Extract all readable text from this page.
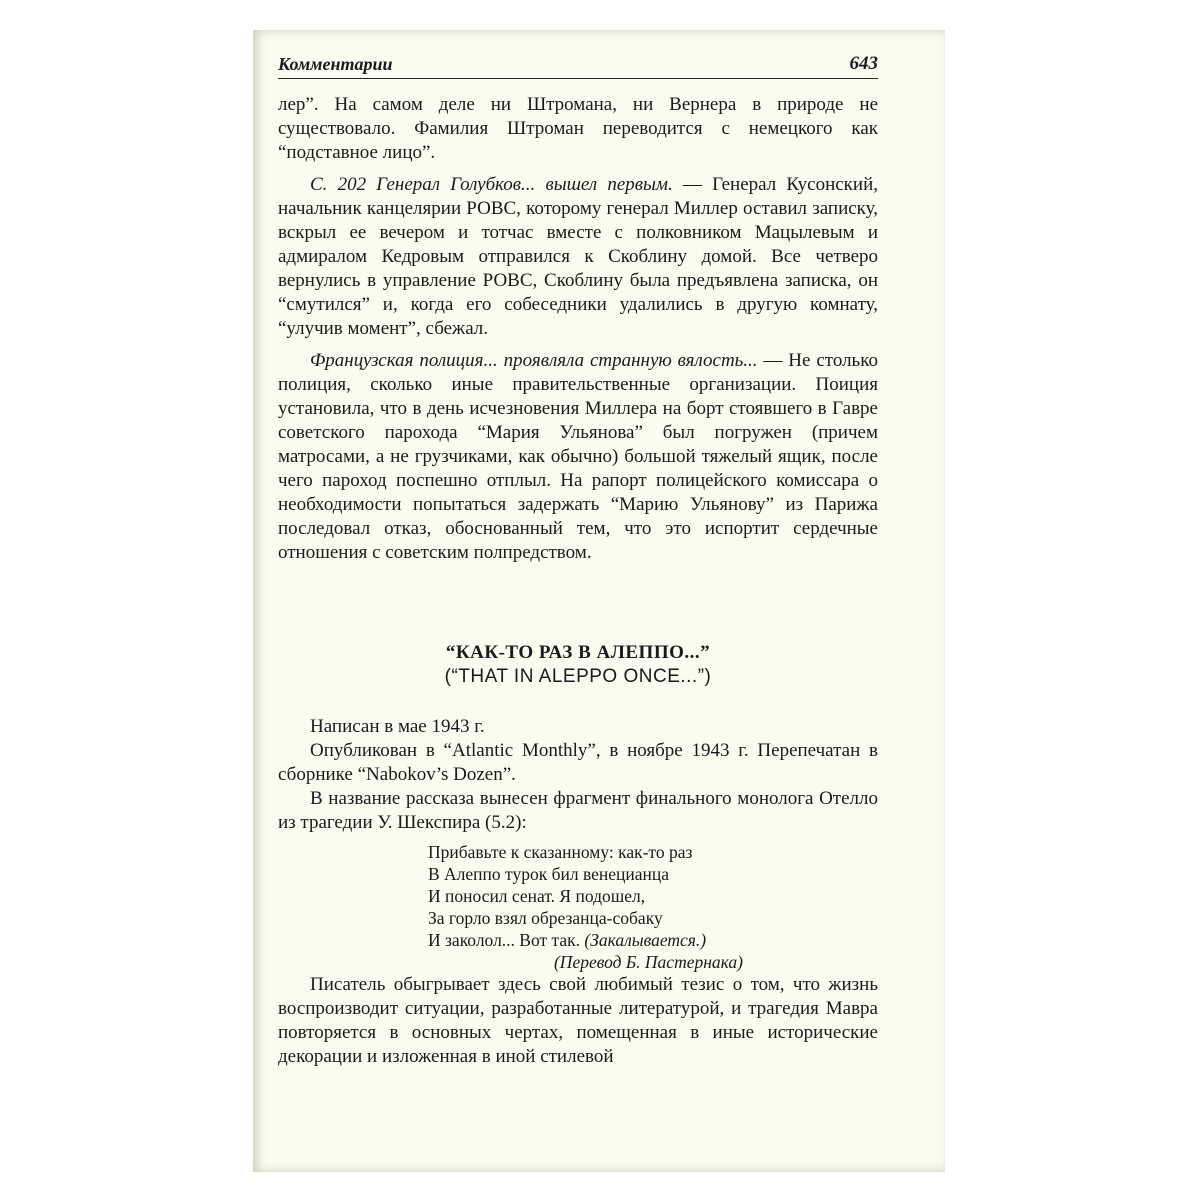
Комментарии	643

лер”. На самом деле ни Штромана, ни Вернера в природе не существовало. Фамилия Штроман переводится с немецкого как “подставное лицо”.

С. 202 Генерал Голубков... вышел первым. — Генерал Кусонский, начальник канцелярии РОВС, которому генерал Миллер оставил записку, вскрыл ее вечером и тотчас вместе с полковником Мацылевым и адмиралом Кедровым отправился к Скоблину домой. Все четверо вернулись в управление РОВС, Скоблину была предъявлена записка, он “смутился” и, когда его собеседники удалились в другую комнату, “улучив момент”, сбежал.

Французская полиция... проявляла странную вялость... — Не столько полиция, сколько иные правительственные организации. Поиция установила, что в день исчезновения Миллера на борт стоявшего в Гавре советского парохода “Мария Ульянова” был погружен (причем матросами, а не грузчиками, как обычно) большой тяжелый ящик, после чего пароход поспешно отплыл. На рапорт полицейского комиссара о необходимости попытаться задержать “Марию Ульянову” из Парижа последовал отказ, обоснованный тем, что это испортит сердечные отношения с советским полпредством.

“КАК-ТО РАЗ В АЛЕППО...”
(“THAT IN ALEPPO ONCE...”)

Написан в мае 1943 г.

Опубликован в “Atlantic Monthly”, в ноябре 1943 г. Перепечатан в сборнике “Nabokov’s Dozen”.

В название рассказа вынесен фрагмент финального монолога Отелло из трагедии У. Шекспира (5.2):

Прибавьте к сказанному: как-то раз
В Алеппо турок бил венецианца
И поносил сенат. Я подошел,
За горло взял обрезанца-собаку
И заколол... Вот так. (Закалывается.)
(Перевод Б. Пастернака)

Писатель обыгрывает здесь свой любимый тезис о том, что жизнь воспроизводит ситуации, разработанные литературой, и трагедия Мавра повторяется в основных чертах, помещенная в иные исторические декорации и изложенная в иной стилевой
